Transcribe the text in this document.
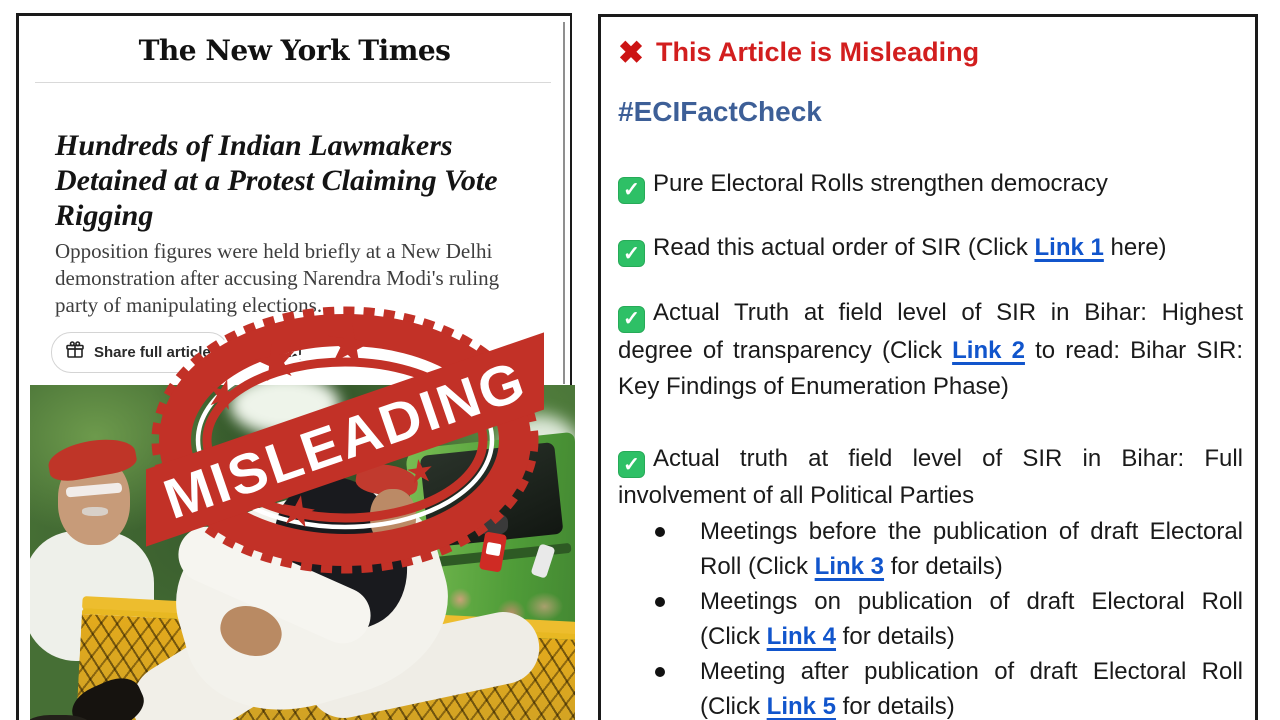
The New York Times
Hundreds of Indian Lawmakers Detained at a Protest Claiming Vote Rigging
Opposition figures were held briefly at a New Delhi demonstration after accusing Narendra Modi's ruling party of manipulating elections.
Share full article
MISLEADING
✖ This Article is Misleading
#ECIFactCheck

✓ Pure Electoral Rolls strengthen democracy

✓ Read this actual order of SIR (Click Link 1 here)

✓ Actual Truth at field level of SIR in Bihar: Highest degree of transparency (Click Link 2 to read: Bihar SIR: Key Findings of Enumeration Phase)

✓ Actual truth at field level of SIR in Bihar: Full involvement of all Political Parties

Meetings before the publication of draft Electoral Roll (Click Link 3 for details)
Meetings on publication of draft Electoral Roll (Click Link 4 for details)
Meeting after publication of draft Electoral Roll (Click Link 5 for details)
